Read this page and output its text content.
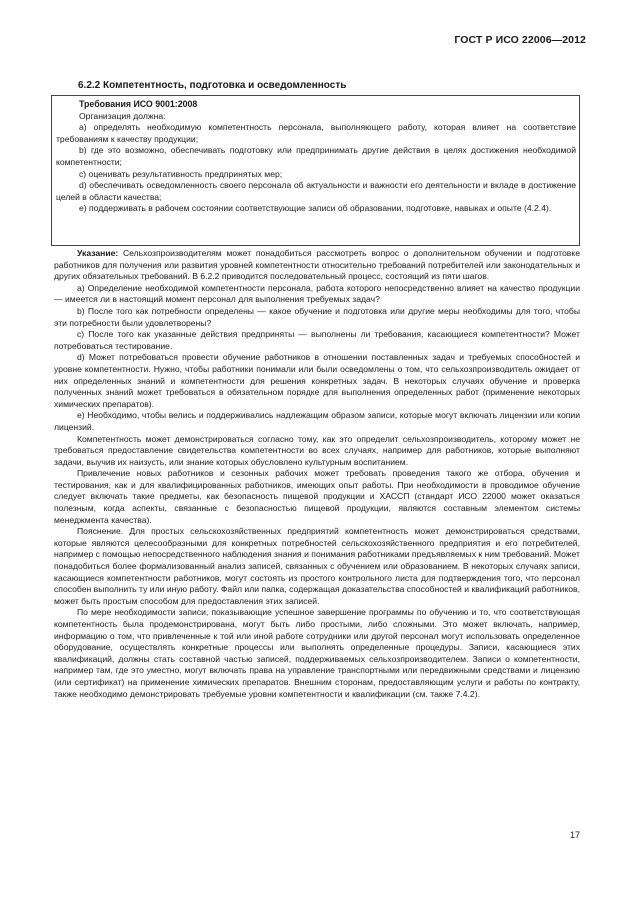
ГОСТ Р ИСО 22006—2012
6.2.2 Компетентность, подготовка и осведомленность

Требования ИСО 9001:2008

Организация должна:

a) определять необходимую компетентность персонала, выполняющего работу, которая влияет на соответствие требованиям к качеству продукции;

b) где это возможно, обеспечивать подготовку или предпринимать другие действия в целях достижения необходимой компетентности;

c) оценивать результативность предпринятых мер;

d) обеспечивать осведомленность своего персонала об актуальности и важности его деятельности и вкладе в достижение целей в области качества;

e) поддерживать в рабочем состоянии соответствующие записи об образовании, подготовке, навыках и опыте (4.2.4).

Указание: Сельхозпроизводителям может понадобиться рассмотреть вопрос о дополнительном обучении и подготовке работников для получения или развития уровней компетентности относительно требований потребителей или законодательных и других обязательных требований. В 6.2.2 приводится последовательный процесс, состоящий из пяти шагов.

a) Определение необходимой компетентности персонала, работа которого непосредственно влияет на качество продукции — имеется ли в настоящий момент персонал для выполнения требуемых задач?

b) После того как потребности определены — какое обучение и подготовка или другие меры необходимы для того, чтобы эти потребности были удовлетворены?

c) После того как указанные действия предприняты — выполнены ли требования, касающиеся компетентности? Может потребоваться тестирование.

d) Может потребоваться провести обучение работников в отношении поставленных задач и требуемых способностей и уровне компетентности. Нужно, чтобы работники понимали или были осведомлены о том, что сельхозпроизводитель ожидает от них определенных знаний и компетентности для решения конкретных задач. В некоторых случаях обучение и проверка полученных знаний может требоваться в обязательном порядке для выполнения определенных работ (применение некоторых химических препаратов).

e) Необходимо, чтобы велись и поддерживались надлежащим образом записи, которые могут включать лицензии или копии лицензий.

Компетентность может демонстрироваться согласно тому, как это определит сельхозпроизводитель, которому может не требоваться предоставление свидетельства компетентности во всех случаях, например для работников, которые выполняют задачи, выучив их наизусть, или знание которых обусловлено культурным воспитанием.

Привлечение новых работников и сезонных рабочих может требовать проведения такого же отбора, обучения и тестирования, как и для квалифицированных работников, имеющих опыт работы. При необходимости в проводимое обучение следует включать такие предметы, как безопасность пищевой продукции и ХАССП (стандарт ИСО 22000 может оказаться полезным, когда аспекты, связанные с безопасностью пищевой продукции, являются составным элементом системы менеджмента качества).

Пояснение. Для простых сельскохозяйственных предприятий компетентность может демонстрироваться средствами, которые являются целесообразными для конкретных потребностей сельскохозяйственного предприятия и его потребителей, например с помощью непосредственного наблюдения знания и понимания работниками предъявляемых к ним требований. Может понадобиться более формализованный анализ записей, связанных с обучением или образованием. В некоторых случаях записи, касающиеся компетентности работников, могут состоять из простого контрольного листа для подтверждения того, что персонал способен выполнить ту или иную работу. Файл или папка, содержащая доказательства способностей и квалификаций работников, может быть простым способом для предоставления этих записей.

По мере необходимости записи, показывающие успешное завершение программы по обучению и то, что соответствующая компетентность была продемонстрирована, могут быть либо простыми, либо сложными. Это может включать, например, информацию о том, что привлеченные к той или иной работе сотрудники или другой персонал могут использовать определенное оборудование, осуществлять конкретные процессы или выполнять определенные процедуры. Записи, касающиеся этих квалификаций, должны стать составной частью записей, поддерживаемых сельхозпроизводителем. Записи о компетентности, например там, где это уместно, могут включать права на управление транспортными или передвижными средствами и лицензию (или сертификат) на применение химических препаратов. Внешним сторонам, предоставляющим услуги и работы по контракту, также необходимо демонстрировать требуемые уровни компетентности и квалификации (см. также 7.4.2).

17
